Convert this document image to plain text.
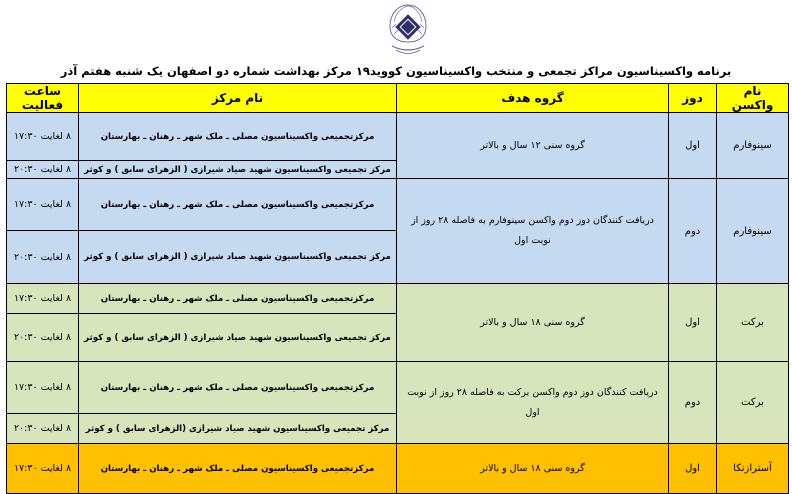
برنامه واکسیناسیون مراکز تجمعی و منتخب واکسیناسیون کووید۱۹ مرکز بهداشت شماره دو اصفهان یک شنبه هفتم آذر
نام واکسن	دوز	گروه هدف	نام مرکز	ساعت فعالیت
سینوفارم	اول	گروه سنی ۱۲ سال و بالاتر	مرکزتجمیعی واکسیناسیون مصلی ـ ملک شهر ـ رهنان ـ بهارستان	۸ لغایت ۱۷:۳۰
			مرکز تجمیعی واکسیناسیون شهید صیاد شیرازی ( الزهرای سابق ) و کوثر	۸ لغایت ۲۰:۳۰
سینوفارم	دوم	دریافت کنندگان دوز دوم واکسن سینوفارم به فاصله ۲۸ روز از نوبت اول	مرکزتجمیعی واکسیناسیون مصلی ـ ملک شهر ـ رهنان ـ بهارستان	۸ لغایت ۱۷:۳۰
			مرکز تجمیعی واکسیناسیون شهید صیاد شیرازی ( الزهرای سابق ) و کوثر	۸ لغایت ۲۰:۳۰
برکت	اول	گروه سنی ۱۸ سال و بالاتر	مرکزتجمیعی واکسیناسیون مصلی ـ ملک شهر ـ رهنان ـ بهارستان	۸ لغایت ۱۷:۳۰
			مرکز تجمیعی واکسیناسیون شهید صیاد شیرازی ( الزهرای سابق ) و کوثر	۸ لغایت ۲۰:۳۰
برکت	دوم	دریافت کنندگان دوز دوم واکسن برکت به فاصله ۲۸ روز از نوبت اول	مرکزتجمیعی واکسیناسیون مصلی ـ ملک شهر ـ رهنان ـ بهارستان	۸ لغایت ۱۷:۳۰
			مرکز تجمیعی واکسیناسیون شهید صیاد شیرازی (الزهرای سابق ) و کوثر	۸ لغایت ۲۰:۳۰
آسترازنکا	اول	گروه سنی ۱۸ سال و بالاتر	مرکزتجمیعی واکسیناسیون مصلی ـ ملک شهر ـ رهنان ـ بهارستان	۸ لغایت ۱۷:۳۰
